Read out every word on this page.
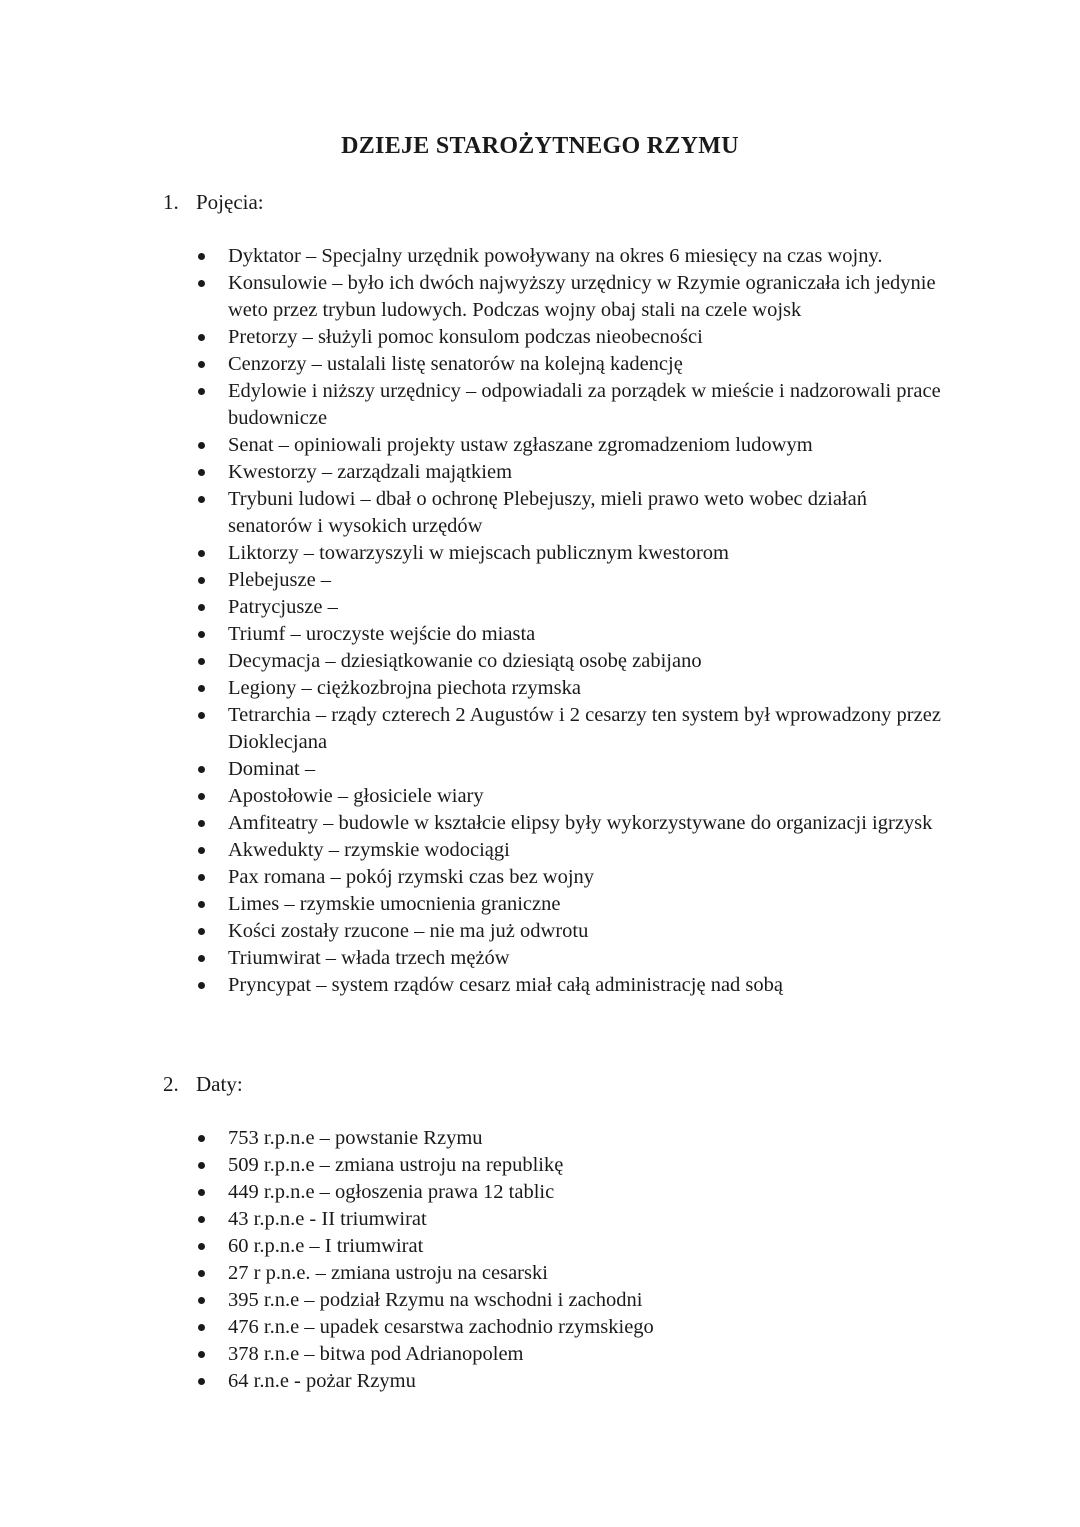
DZIEJE STAROŻYTNEGO RZYMU
1. Pojęcia:
Dyktator – Specjalny urzędnik powoływany na okres 6 miesięcy na czas wojny.
Konsulowie – było ich dwóch najwyższy urzędnicy w Rzymie ograniczała ich jedynie weto przez trybun ludowych. Podczas wojny obaj stali na czele wojsk
Pretorzy – służyli pomoc konsulom podczas nieobecności
Cenzorzy – ustalali listę senatorów na kolejną kadencję
Edylowie i niższy urzędnicy – odpowiadali za porządek w mieście i nadzorowali prace budownicze
Senat – opiniowali projekty ustaw zgłaszane zgromadzeniom ludowym
Kwestorzy – zarządzali majątkiem
Trybuni ludowi – dbał o ochronę Plebejuszy, mieli prawo weto wobec działań senatorów i wysokich urzędów
Liktorzy – towarzyszyli w miejscach publicznym kwestorom
Plebejusze –
Patrycjusze –
Triumf – uroczyste wejście do miasta
Decymacja – dziesiątkowanie co dziesiątą osobę zabijano
Legiony – ciężkozbrojna piechota rzymska
Tetrarchia – rządy czterech 2 Augustów i 2 cesarzy ten system był wprowadzony przez Dioklecjana
Dominat –
Apostołowie – głosiciele wiary
Amfiteatry – budowle w kształcie elipsy były wykorzystywane do organizacji igrzysk
Akwedukty – rzymskie wodociągi
Pax romana – pokój rzymski czas bez wojny
Limes – rzymskie umocnienia graniczne
Kości zostały rzucone – nie ma już odwrotu
Triumwirat – włada trzech mężów
Pryncypat – system rządów cesarz miał całą administrację nad sobą
2. Daty:
753 r.p.n.e – powstanie Rzymu
509 r.p.n.e – zmiana ustroju na republikę
449 r.p.n.e – ogłoszenia prawa 12 tablic
43 r.p.n.e - II triumwirat
60 r.p.n.e – I triumwirat
27 r p.n.e. – zmiana ustroju na cesarski
395 r.n.e – podział Rzymu na wschodni i zachodni
476 r.n.e – upadek cesarstwa zachodnio rzymskiego
378 r.n.e – bitwa pod Adrianopolem
64 r.n.e - pożar Rzymu
